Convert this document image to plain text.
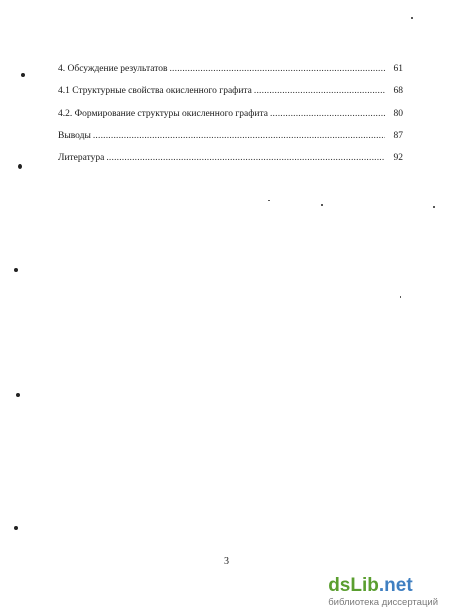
4. Обсуждение результатов .....	61
4.1 Структурные свойства окисленного графита .....	68
4.2. Формирование структуры окисленного графита .....	80
Выводы .....	87
Литература .....	92
3
dsLib.net
библиотека диссертаций
